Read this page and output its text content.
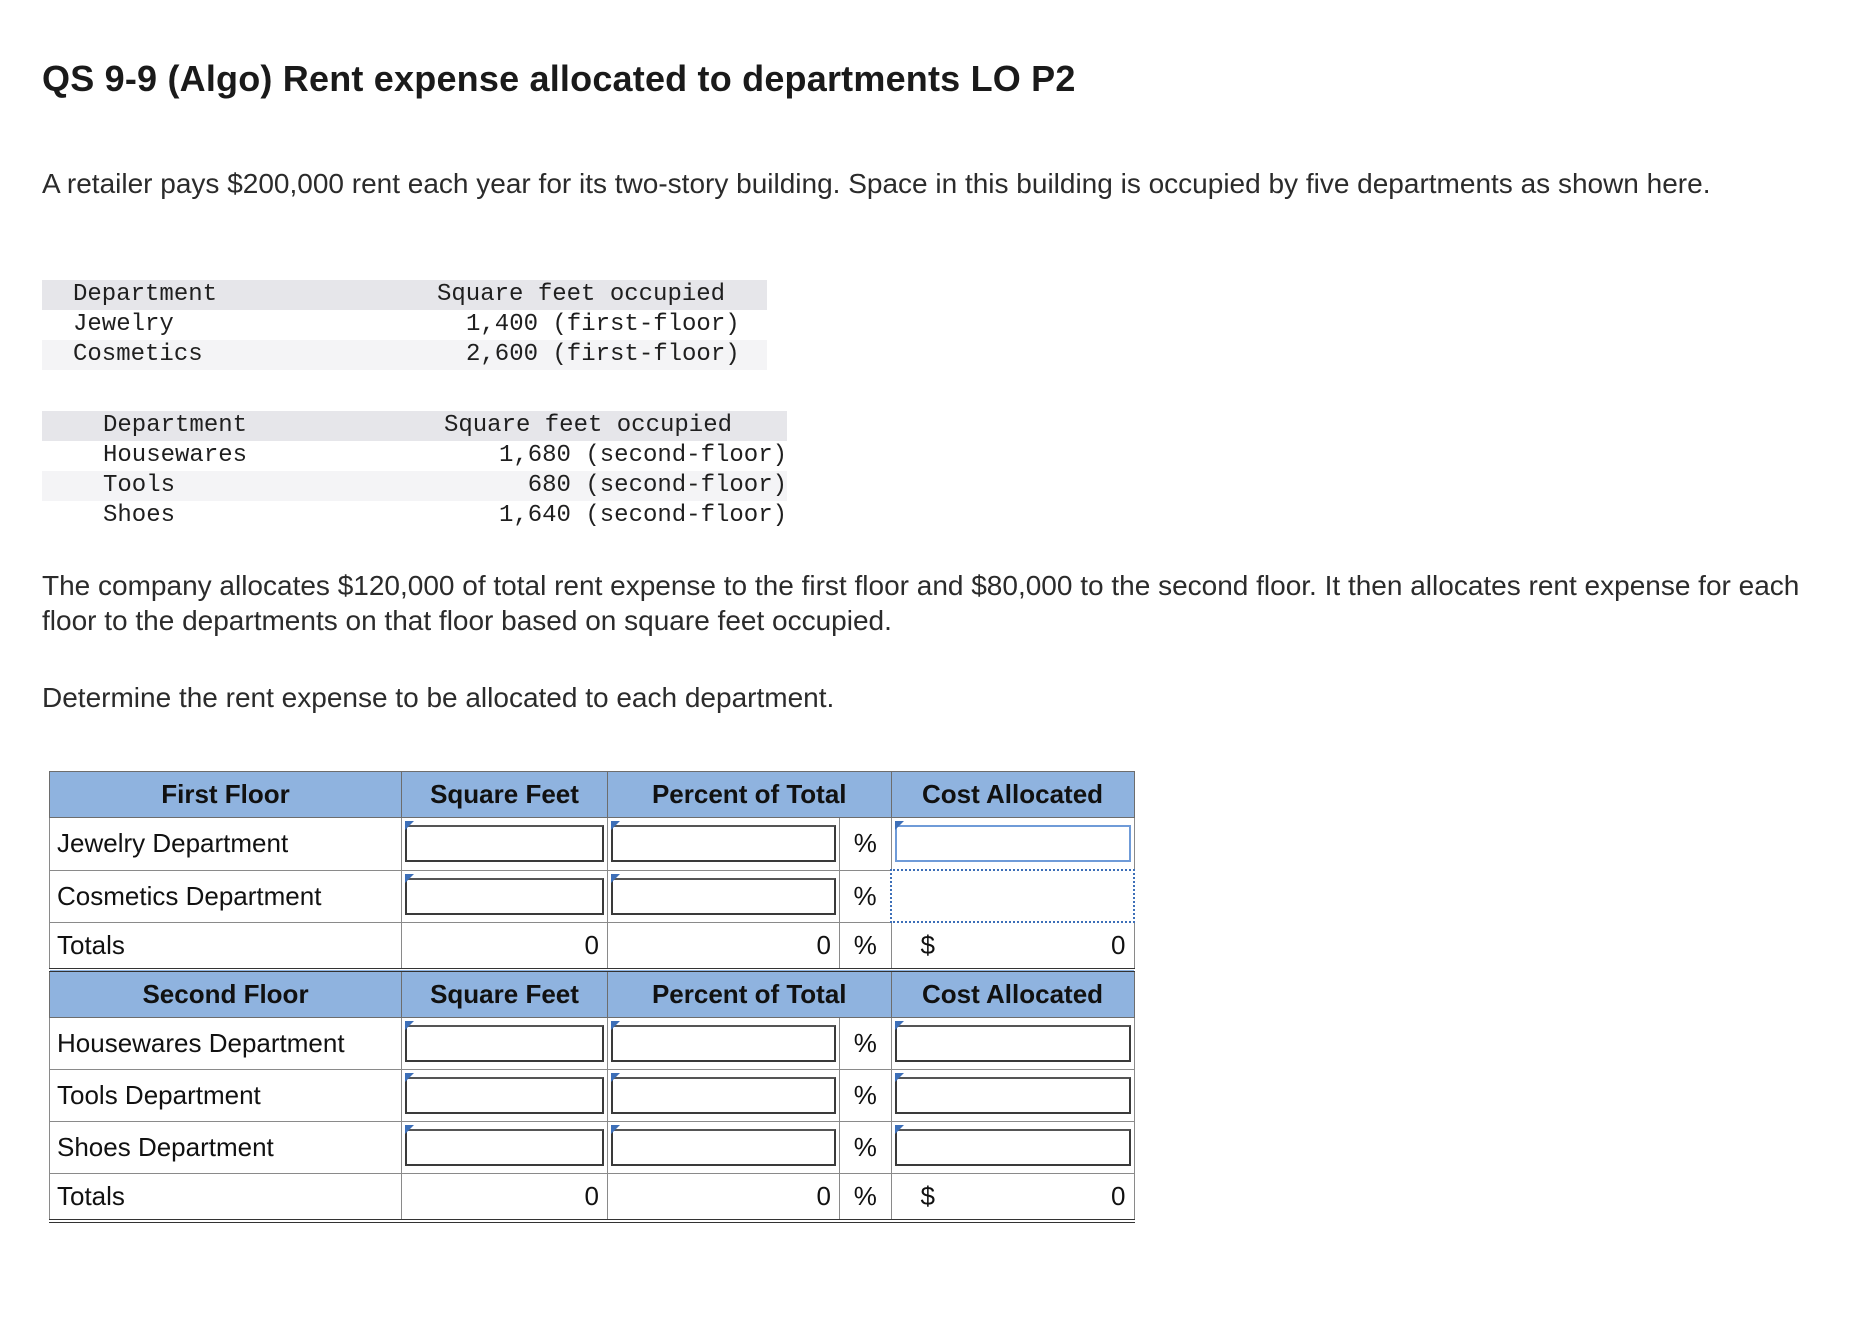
QS 9-9 (Algo) Rent expense allocated to departments LO P2

A retailer pays $200,000 rent each year for its two-story building. Space in this building is occupied by five departments as shown here.

Department	Square feet occupied
Jewelry	1,400 (first-floor)
Cosmetics	2,600 (first-floor)
Department	Square feet occupied
Housewares	1,680 (second-floor)
Tools	680 (second-floor)
Shoes	1,640 (second-floor)

The company allocates $120,000 of total rent expense to the first floor and $80,000 to the second floor. It then allocates rent expense for each floor to the departments on that floor based on square feet occupied.

Determine the rent expense to be allocated to each department.

First Floor	Square Feet	Percent of Total		Cost Allocated
Jewelry Department			%	

Cosmetics Department			%	
Totals	0	0	%	$ 0
Second Floor	Square Feet	Percent of Total		Cost Allocated
Housewares Department			%	

Tools Department			%	

Shoes Department			%	

Totals	0	0	%	$ 0
